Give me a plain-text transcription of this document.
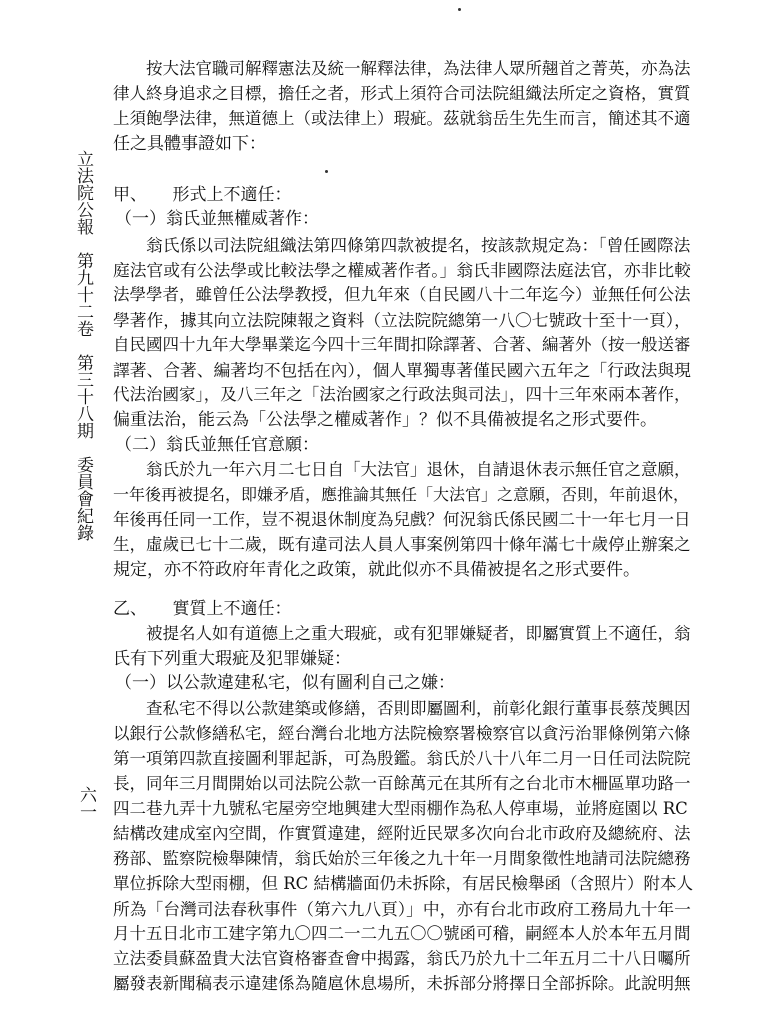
立法院公報　第九十二卷　第三十八期　委員會紀錄
六一
按大法官職司解釋憲法及統一解釋法律，為法律人眾所翹首之菁英，亦為法
律人終身追求之目標，擔任之者，形式上須符合司法院組織法所定之資格，實質
上須飽學法律，無道德上（或法律上）瑕疵。茲就翁岳生先生而言，簡述其不適
任之具體事證如下：
甲、　　形式上不適任：
（一）翁氏並無權威著作：
翁氏係以司法院組織法第四條第四款被提名，按該款規定為：「曾任國際法
庭法官或有公法學或比較法學之權威著作者。」翁氏非國際法庭法官，亦非比較
法學學者，雖曾任公法學教授，但九年來（自民國八十二年迄今）並無任何公法
學著作，據其向立法院陳報之資料（立法院院總第一八〇七號政十至十一頁），
自民國四十九年大學畢業迄今四十三年間扣除譯著、合著、編著外（按一般送審
譯著、合著、編著均不包括在內），個人單獨專著僅民國六五年之「行政法與現
代法治國家」，及八三年之「法治國家之行政法與司法」，四十三年來兩本著作，
偏重法治，能云為「公法學之權威著作」？似不具備被提名之形式要件。
（二）翁氏並無任官意願：
翁氏於九一年六月二七日自「大法官」退休，自請退休表示無任官之意願，
一年後再被提名，即嫌矛盾，應推論其無任「大法官」之意願，否則，年前退休，
年後再任同一工作，豈不視退休制度為兒戲？何況翁氏係民國二十一年七月一日
生，虛歲已七十二歲，既有違司法人員人事案例第四十條年滿七十歲停止辦案之
規定，亦不符政府年青化之政策，就此似亦不具備被提名之形式要件。
乙、　　實質上不適任：
被提名人如有道德上之重大瑕疵，或有犯罪嫌疑者，即屬實質上不適任，翁
氏有下列重大瑕疵及犯罪嫌疑：
（一）以公款違建私宅，似有圖利自己之嫌：
查私宅不得以公款建築或修繕，否則即屬圖利，前彰化銀行董事長蔡茂興因
以銀行公款修繕私宅，經台灣台北地方法院檢察署檢察官以貪污治罪條例第六條
第一項第四款直接圖利罪起訴，可為殷鑑。翁氏於八十八年二月一日任司法院院
長，同年三月間開始以司法院公款一百餘萬元在其所有之台北市木柵區單功路一
四二巷九弄十九號私宅屋旁空地興建大型雨棚作為私人停車場，並將庭園以 RC
結構改建成室內空間，作實質違建，經附近民眾多次向台北市政府及總統府、法
務部、監察院檢舉陳情，翁氏始於三年後之九十年一月間象徵性地請司法院總務
單位拆除大型雨棚，但 RC 結構牆面仍未拆除，有居民檢舉函（含照片）附本人
所為「台灣司法春秋事件（第六九八頁）」中，亦有台北市政府工務局九十年一
月十五日北市工建字第九〇四二一二九五〇〇號函可稽，嗣經本人於本年五月間
立法委員蘇盈貴大法官資格審查會中揭露，翁氏乃於九十二年五月二十八日囑所
屬發表新聞稿表示違建係為隨扈休息場所，未拆部分將擇日全部拆除。此說明無
